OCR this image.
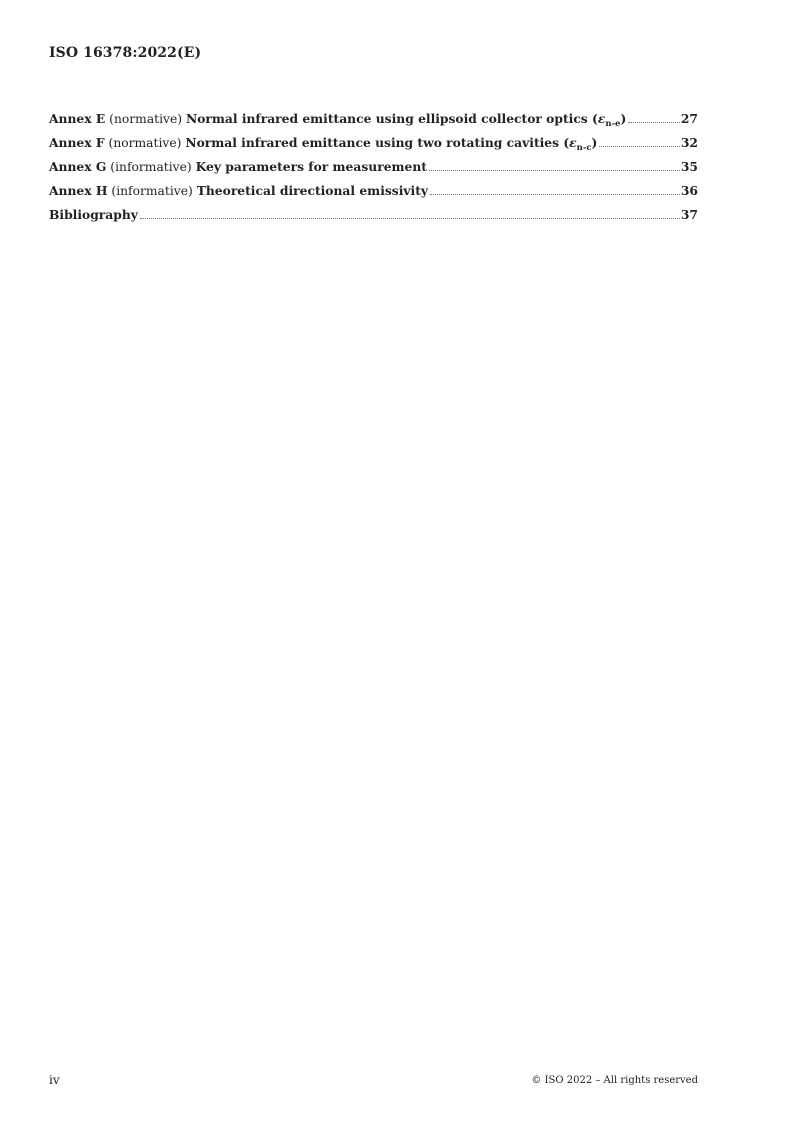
ISO 16378:2022(E)
Annex E (normative) Normal infrared emittance using ellipsoid collector optics $(\varepsilon_{n-e})$	27
Annex F (normative) Normal infrared emittance using two rotating cavities $(\varepsilon_{n-c})$	32
Annex G (informative) Key parameters for measurement	35
Annex H (informative) Theoretical directional emissivity	36
Bibliography	37
iv	© ISO 2022 – All rights reserved
